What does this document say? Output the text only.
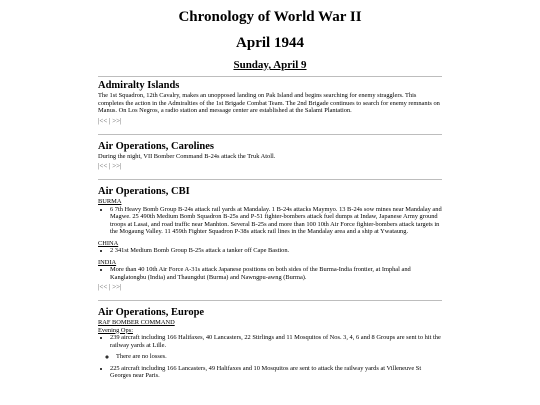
Chronology of World War II
April 1944
Sunday, April 9
Admiralty Islands

The 1st Squadron, 12th Cavalry, makes an unopposed landing on Pak Island and begins searching for enemy stragglers. This completes the action in the Admiralties of the 1st Brigade Combat Team. The 2nd Brigade continues to search for enemy remnants on Manus. On Los Negros, a radio station and message center are established at the Salami Plantation.

|<< | >>|
Air Operations, Carolines

During the night, VII Bomber Command B-24s attack the Truk Atoll.

|<< | >>|
Air Operations, CBI

BURMA

• 6 7th Heavy Bomb Group B-24s attack rail yards at Mandalay. 1 B-24s attacks Maymyo. 13 B-24s sow mines near Mandalay and Magwe. 25 490th Medium Bomb Squadron B-25s and P-51 fighter-bombers attack fuel dumps at Indaw, Japanese Army ground troops at Lasai, and road traffic near Manhton. Several B-25s and more than 100 10th Air Force fighter-bombers attack targets in the Mogaung Valley. 11 459th Fighter Squadron P-38s attack rail lines in the Mandalay area and a ship at Ywataung.

CHINA

• 2 341st Medium Bomb Group B-25s attack a tanker off Cape Bastion.

INDIA

• More than 40 10th Air Force A-31s attack Japanese positions on both sides of the Burma-India frontier, at Imphal and Kanglatongbu (India) and Thaungdut (Burma) and Nawngpu-awng (Burma).
|<< | >>|
Air Operations, Europe

RAF BOMBER COMMAND

Evening Ops:

• 239 aircraft including 166 Halifaxes, 40 Lancasters, 22 Stirlings and 11 Mosquitos of Nos. 3, 4, 6 and 8 Groups are sent to hit the railway yards at Lille.
◦ There are no losses.
• 225 aircraft including 166 Lancasters, 49 Halifaxes and 10 Mosquitos are sent to attack the railway yards at Villeneuve St Georges near Paris.
